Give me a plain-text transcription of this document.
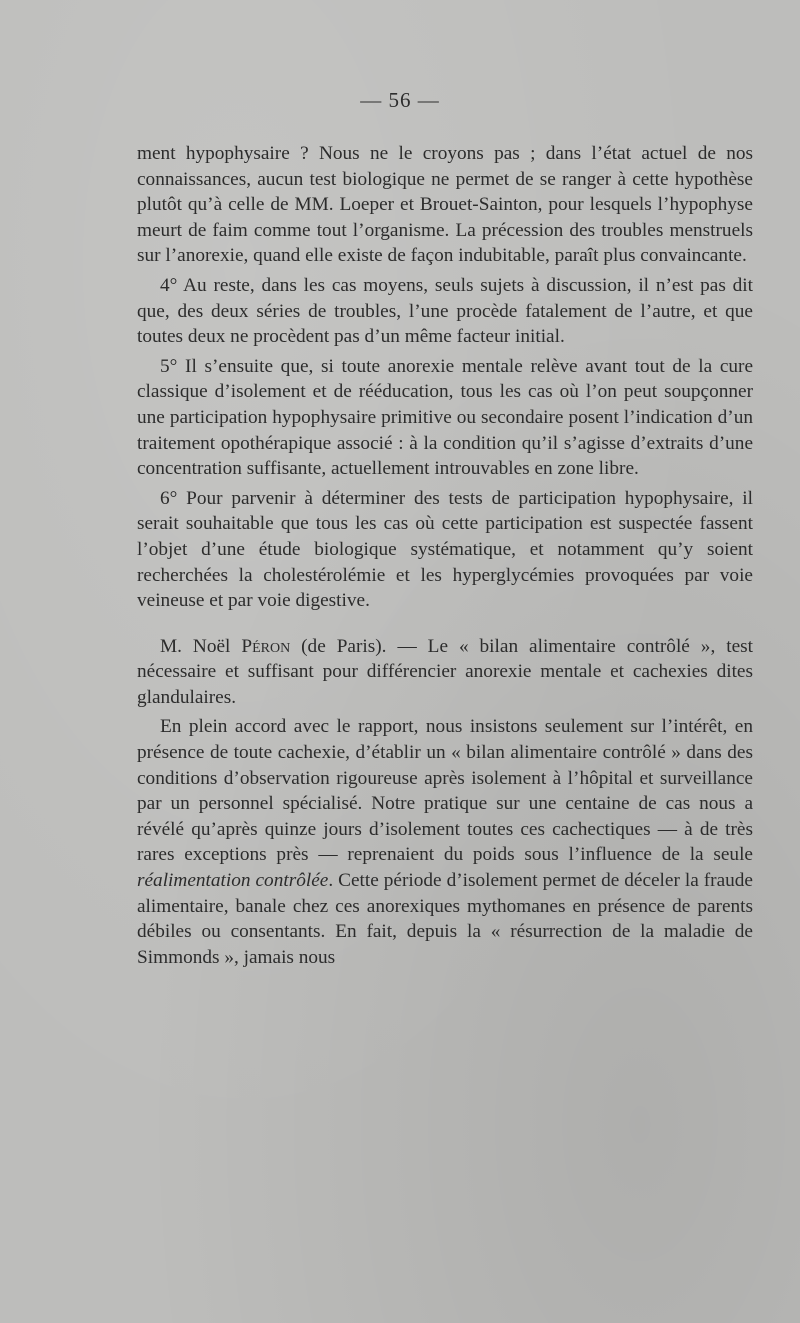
— 56 —

ment hypophysaire ? Nous ne le croyons pas ; dans l’état actuel de nos connaissances, aucun test biologique ne permet de se ranger à cette hypothèse plutôt qu’à celle de MM. Loeper et Brouet-Sainton, pour lesquels l’hypophyse meurt de faim comme tout l’organisme. La précession des troubles menstruels sur l’anorexie, quand elle existe de façon indubitable, paraît plus convaincante.

4° Au reste, dans les cas moyens, seuls sujets à discussion, il n’est pas dit que, des deux séries de troubles, l’une procède fatalement de l’autre, et que toutes deux ne procèdent pas d’un même facteur initial.

5° Il s’ensuite que, si toute anorexie mentale relève avant tout de la cure classique d’isolement et de rééducation, tous les cas où l’on peut soupçonner une participation hypophysaire primitive ou secondaire posent l’indication d’un traitement opothérapique associé : à la condition qu’il s’agisse d’extraits d’une concentration suffisante, actuellement introuvables en zone libre.

6° Pour parvenir à déterminer des tests de participation hypophysaire, il serait souhaitable que tous les cas où cette participation est suspectée fassent l’objet d’une étude biologique systématique, et notamment qu’y soient recherchées la cholestérolémie et les hyperglycémies provoquées par voie veineuse et par voie digestive.

M. Noël Péron (de Paris). — Le « bilan alimentaire contrôlé », test nécessaire et suffisant pour différencier anorexie mentale et cachexies dites glandulaires.

En plein accord avec le rapport, nous insistons seulement sur l’intérêt, en présence de toute cachexie, d’établir un « bilan alimentaire contrôlé » dans des conditions d’observation rigoureuse après isolement à l’hôpital et surveillance par un personnel spécialisé. Notre pratique sur une centaine de cas nous a révélé qu’après quinze jours d’isolement toutes ces cachectiques — à de très rares exceptions près — reprenaient du poids sous l’influence de la seule réalimentation contrôlée. Cette période d’isolement permet de déceler la fraude alimentaire, banale chez ces anorexiques mythomanes en présence de parents débiles ou consentants. En fait, depuis la « résurrection de la maladie de Simmonds », jamais nous
